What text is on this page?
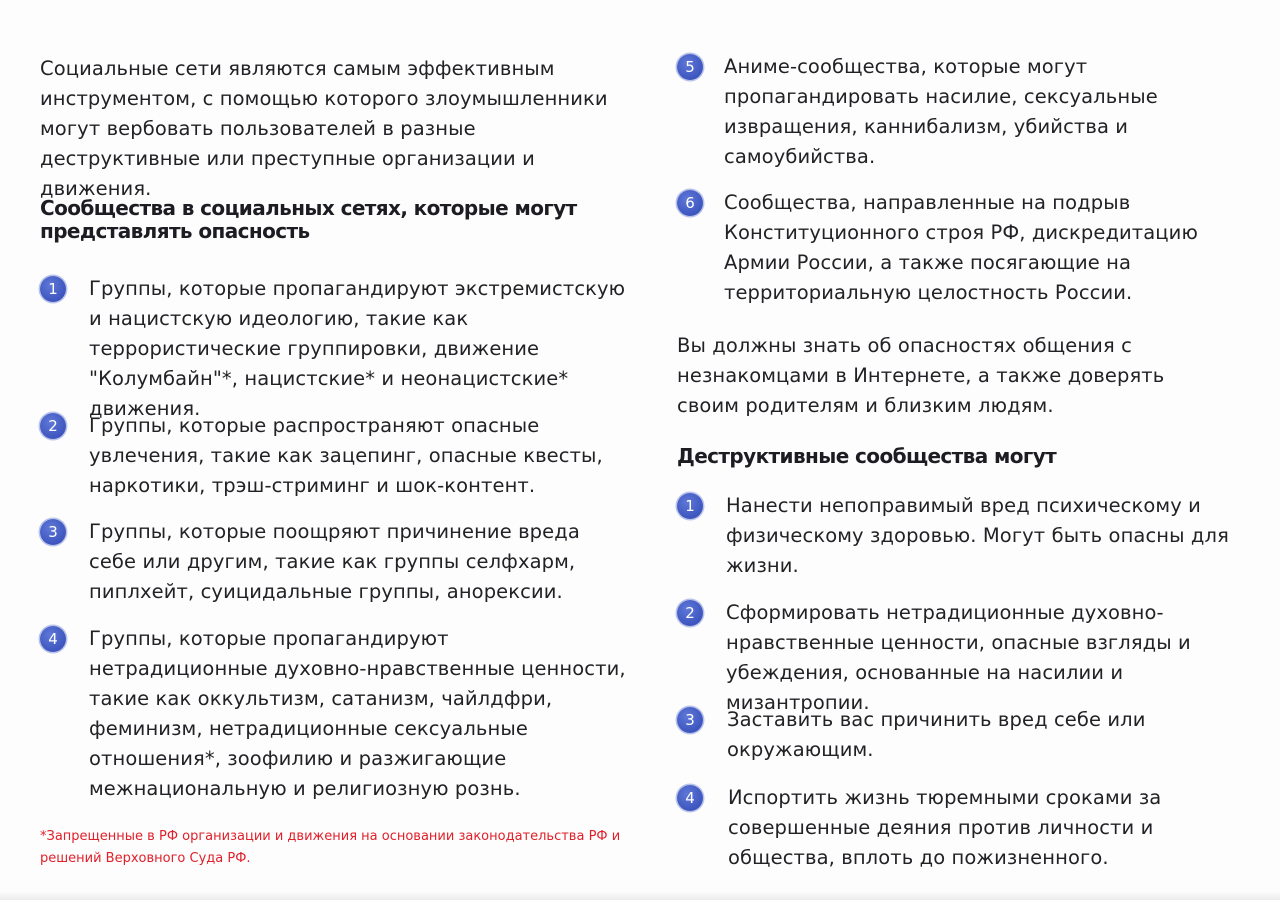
Социальные сети являются самым эффективным инструментом, с помощью которого злоумышленники могут вербовать пользователей в разные деструктивные или преступные организации и движения.

Сообщества в социальных сетях, которые могут представлять опасность
1	Группы, которые пропагандируют экстремистскую и нацистскую идеологию, такие как террористические группировки, движение "Колумбайн"*, нацистские* и неонацистские* движения.

2	Группы, которые распространяют опасные увлечения, такие как зацепинг, опасные квесты, наркотики, трэш-стриминг и шок-контент.

3	Группы, которые поощряют причинение вреда себе или другим, такие как группы селфхарм, пиплхейт, суицидальные группы, анорексии.

4	Группы, которые пропагандируют нетрадиционные духовно-нравственные ценности, такие как оккультизм, сатанизм, чайлдфри, феминизм, нетрадиционные сексуальные отношения*, зоофилию и разжигающие межнациональную и религиозную рознь.

*Запрещенные в РФ организации и движения на основании законодательства РФ и решений Верховного Суда РФ.

5	Аниме-сообщества, которые могут пропагандировать насилие, сексуальные извращения, каннибализм, убийства и самоубийства.

6	Сообщества, направленные на подрыв Конституционного строя РФ, дискредитацию Армии России, а также посягающие на территориальную целостность России.

Вы должны знать об опасностях общения с незнакомцами в Интернете, а также доверять своим родителям и близким людям.

Деструктивные сообщества могут
1	Нанести непоправимый вред психическому и физическому здоровью. Могут быть опасны для жизни.

2	Сформировать нетрадиционные духовно-нравственные ценности, опасные взгляды и убеждения, основанные на насилии и мизантропии.

3	Заставить вас причинить вред себе или окружающим.

4	Испортить жизнь тюремными сроками за совершенные деяния против личности и общества, вплоть до пожизненного.
